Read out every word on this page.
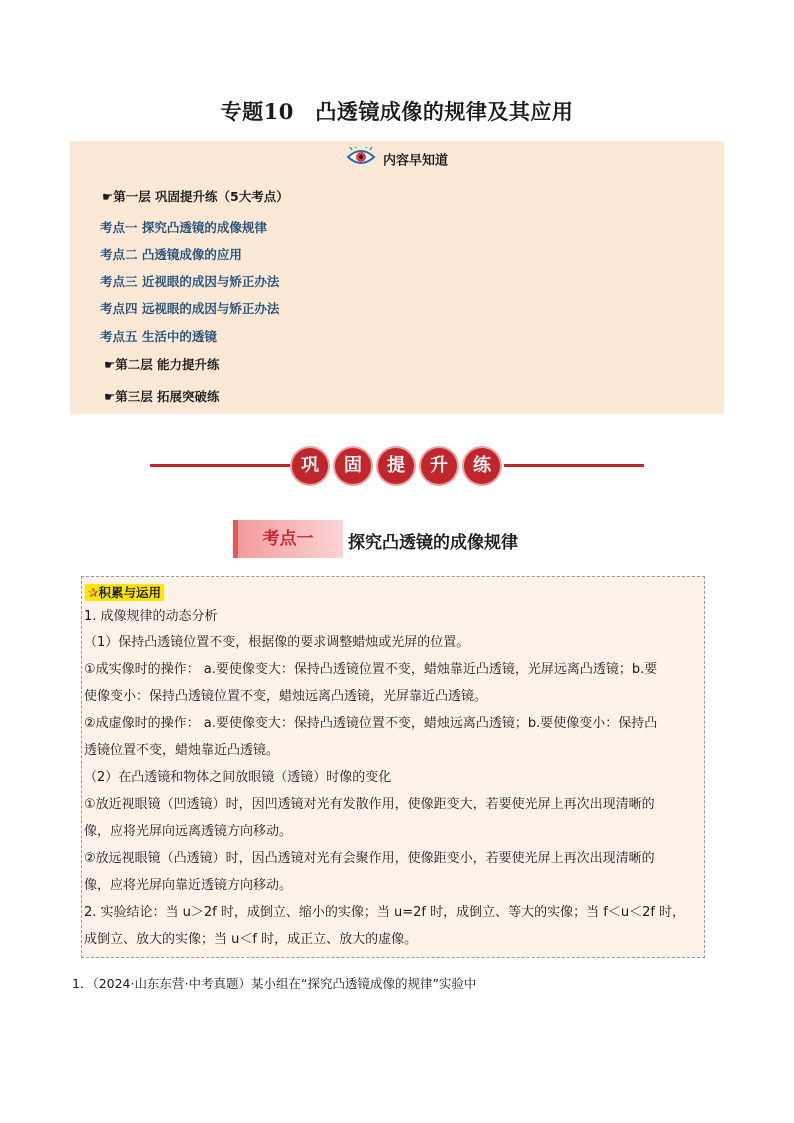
专题10　凸透镜成像的规律及其应用
内容早知道
☛第一层 巩固提升练（5大考点）
考点一 探究凸透镜的成像规律
考点二 凸透镜成像的应用
考点三 近视眼的成因与矫正办法
考点四 远视眼的成因与矫正办法
考点五 生活中的透镜
☛第二层 能力提升练
☛第三层 拓展突破练
巩	固	提	升	练
考点一	探究凸透镜的成像规律
✰积累与运用
1. 成像规律的动态分析
（1）保持凸透镜位置不变，根据像的要求调整蜡烛或光屏的位置。
①成实像时的操作： a.要使像变大：保持凸透镜位置不变，蜡烛靠近凸透镜，光屏远离凸透镜；b.要
使像变小：保持凸透镜位置不变，蜡烛远离凸透镜，光屏靠近凸透镜。
②成虚像时的操作： a.要使像变大：保持凸透镜位置不变，蜡烛远离凸透镜；b.要使像变小：保持凸
透镜位置不变，蜡烛靠近凸透镜。
（2）在凸透镜和物体之间放眼镜（透镜）时像的变化
①放近视眼镜（凹透镜）时，因凹透镜对光有发散作用，使像距变大，若要使光屏上再次出现清晰的
像，应将光屏向远离透镜方向移动。
②放远视眼镜（凸透镜）时，因凸透镜对光有会聚作用，使像距变小，若要使光屏上再次出现清晰的
像，应将光屏向靠近透镜方向移动。
2. 实验结论：当 u＞2f 时，成倒立、缩小的实像；当 u=2f 时，成倒立、等大的实像；当 f＜u＜2f 时，
成倒立、放大的实像；当 u＜f 时，成正立、放大的虚像。
1．（2024·山东东营·中考真题）某小组在“探究凸透镜成像的规律”实验中
